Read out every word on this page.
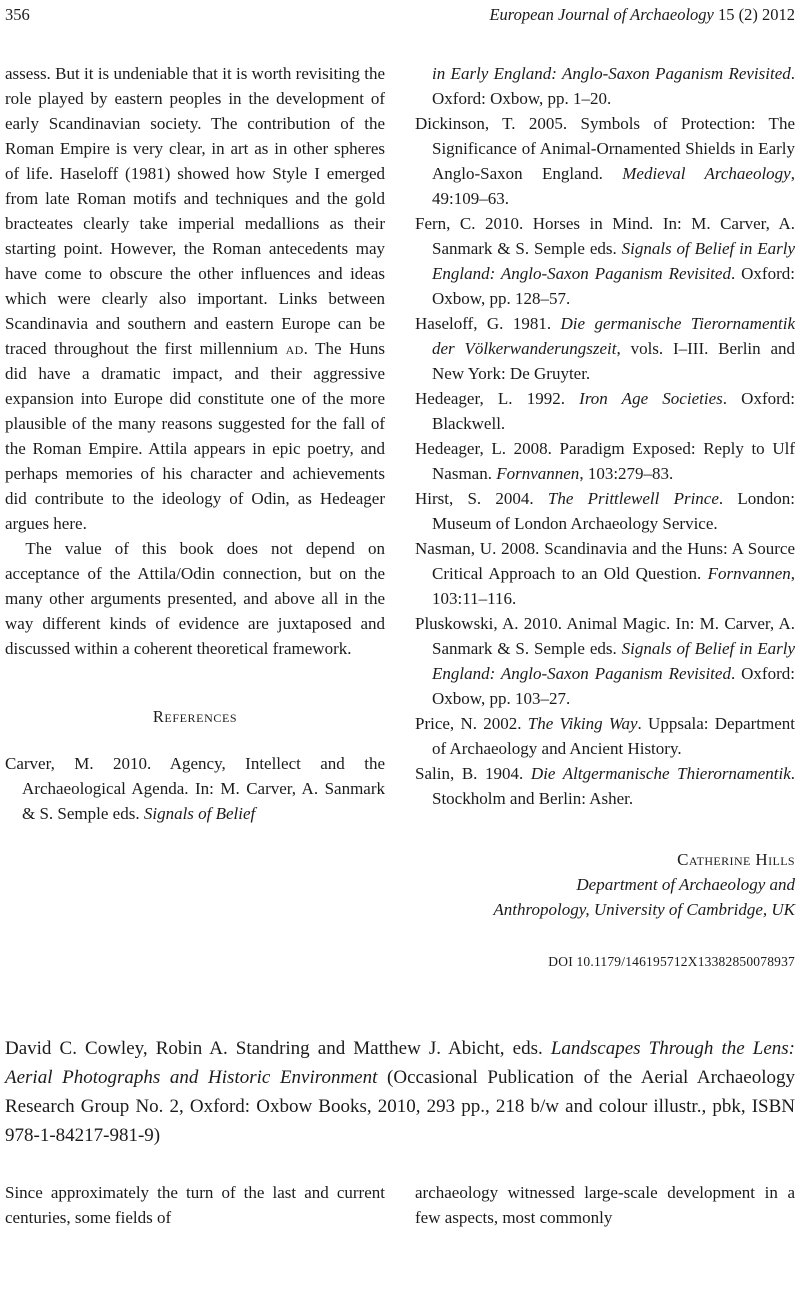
356	European Journal of Archaeology 15 (2) 2012

assess. But it is undeniable that it is worth revisiting the role played by eastern peoples in the development of early Scandinavian society. The contribution of the Roman Empire is very clear, in art as in other spheres of life. Haseloff (1981) showed how Style I emerged from late Roman motifs and techniques and the gold bracteates clearly take imperial medallions as their starting point. However, the Roman antecedents may have come to obscure the other influences and ideas which were clearly also important. Links between Scandinavia and southern and eastern Europe can be traced throughout the first millennium AD. The Huns did have a dramatic impact, and their aggressive expansion into Europe did constitute one of the more plausible of the many reasons suggested for the fall of the Roman Empire. Attila appears in epic poetry, and perhaps memories of his character and achievements did contribute to the ideology of Odin, as Hedeager argues here.

The value of this book does not depend on acceptance of the Attila/Odin connection, but on the many other arguments presented, and above all in the way different kinds of evidence are juxtaposed and discussed within a coherent theoretical framework.

References
Carver, M. 2010. Agency, Intellect and the Archaeological Agenda. In: M. Carver, A. Sanmark & S. Semple eds. Signals of Belief
in Early England: Anglo-Saxon Paganism Revisited. Oxford: Oxbow, pp. 1–20.
Dickinson, T. 2005. Symbols of Protection: The Significance of Animal-Ornamented Shields in Early Anglo-Saxon England. Medieval Archaeology, 49:109–63.
Fern, C. 2010. Horses in Mind. In: M. Carver, A. Sanmark & S. Semple eds. Signals of Belief in Early England: Anglo-Saxon Paganism Revisited. Oxford: Oxbow, pp. 128–57.
Haseloff, G. 1981. Die germanische Tierornamentik der Völkerwanderungszeit, vols. I–III. Berlin and New York: De Gruyter.
Hedeager, L. 1992. Iron Age Societies. Oxford: Blackwell.
Hedeager, L. 2008. Paradigm Exposed: Reply to Ulf Nasman. Fornvannen, 103:279–83.
Hirst, S. 2004. The Prittlewell Prince. London: Museum of London Archaeology Service.
Nasman, U. 2008. Scandinavia and the Huns: A Source Critical Approach to an Old Question. Fornvannen, 103:11–116.
Pluskowski, A. 2010. Animal Magic. In: M. Carver, A. Sanmark & S. Semple eds. Signals of Belief in Early England: Anglo-Saxon Paganism Revisited. Oxford: Oxbow, pp. 103–27.
Price, N. 2002. The Viking Way. Uppsala: Department of Archaeology and Ancient History.
Salin, B. 1904. Die Altgermanische Thierornamentik. Stockholm and Berlin: Asher.
Catherine Hills
Department of Archaeology and
Anthropology, University of Cambridge, UK
DOI 10.1179/146195712X13382850078937

David C. Cowley, Robin A. Standring and Matthew J. Abicht, eds. Landscapes Through the Lens: Aerial Photographs and Historic Environment (Occasional Publication of the Aerial Archaeology Research Group No. 2, Oxford: Oxbow Books, 2010, 293 pp., 218 b/w and colour illustr., pbk, ISBN 978-1-84217-981-9)

Since approximately the turn of the last and current centuries, some fields of

archaeology witnessed large-scale development in a few aspects, most commonly
